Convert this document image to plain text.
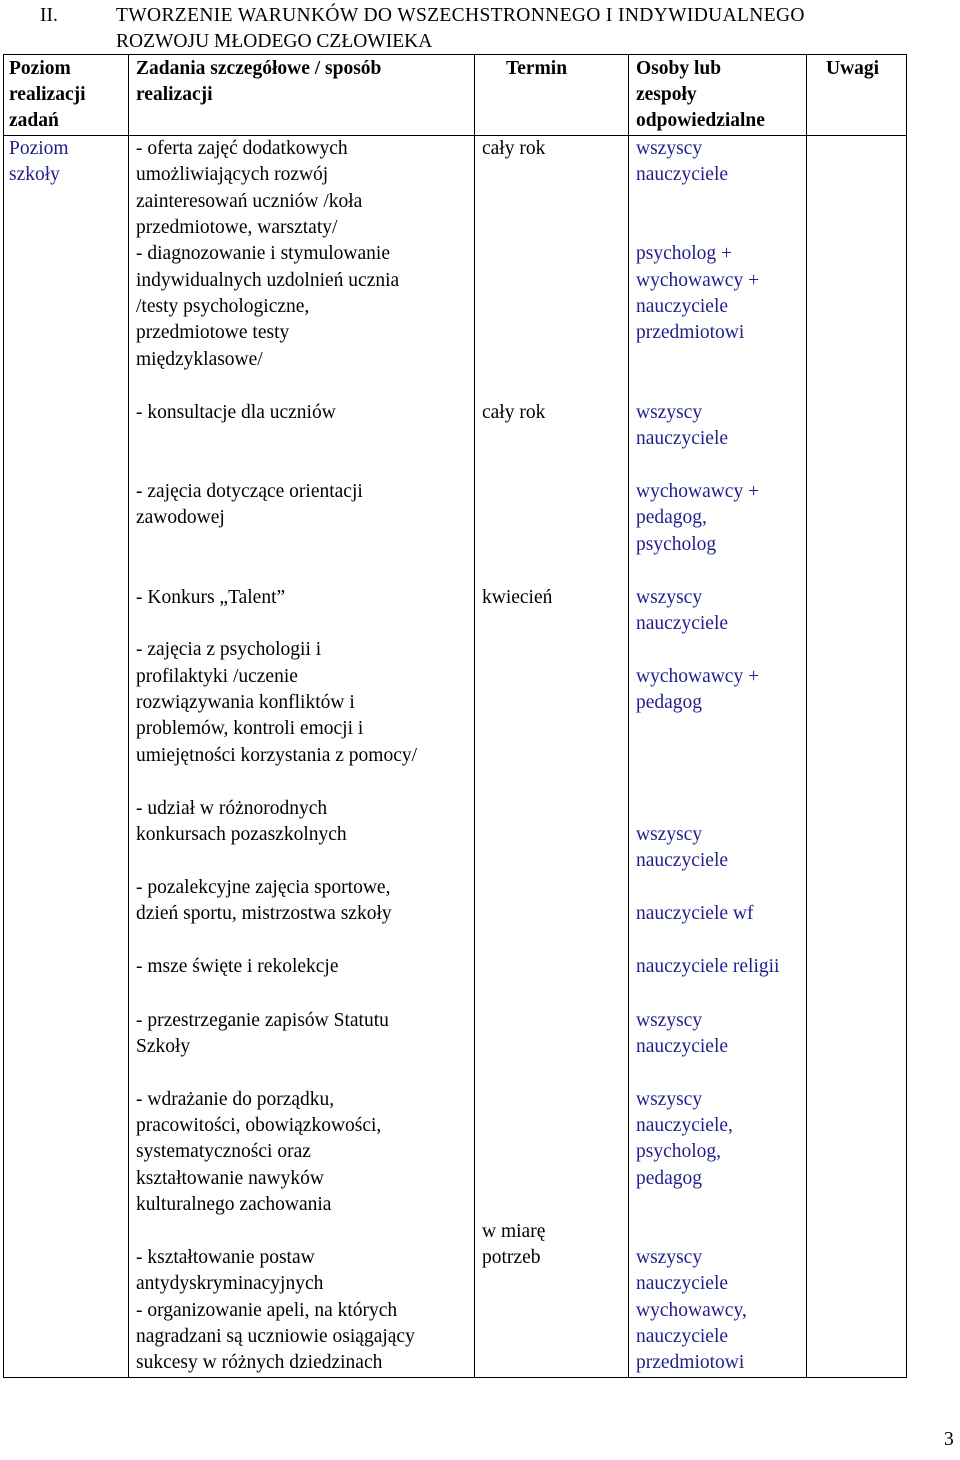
II.	TWORZENIE WARUNKÓW DO WSZECHSTRONNEGO I INDYWIDUALNEGO
ROZWOJU MŁODEGO CZŁOWIEKA
Poziom
realizacji
zadań
Zadania szczegółowe / sposób
realizacji
Termin	Osoby lub
zespoły
odpowiedzialne
Uwagi
Poziom
szkoły
- oferta zajęć dodatkowych
umożliwiających rozwój
zainteresowań uczniów /koła
przedmiotowe, warsztaty/
- diagnozowanie i stymulowanie
indywidualnych uzdolnień ucznia
/testy psychologiczne,
przedmiotowe testy
międzyklasowe/
- konsultacje dla uczniów
- zajęcia dotyczące orientacji
zawodowej
- Konkurs „Talent”
- zajęcia z psychologii i
profilaktyki /uczenie
rozwiązywania konfliktów i
problemów, kontroli emocji i
umiejętności korzystania z pomocy/
- udział w różnorodnych
konkursach pozaszkolnych
- pozalekcyjne zajęcia sportowe,
dzień sportu, mistrzostwa szkoły
- msze święte i rekolekcje
- przestrzeganie zapisów Statutu
Szkoły
- wdrażanie do porządku,
pracowitości, obowiązkowości,
systematyczności oraz
kształtowanie nawyków
kulturalnego zachowania
- kształtowanie postaw
antydyskryminacyjnych
- organizowanie apeli, na których
nagradzani są uczniowie osiągający
sukcesy w różnych dziedzinach
cały rok
cały rok
kwiecień
w miarę
potrzeb
wszyscy
nauczyciele
psycholog +
wychowawcy +
nauczyciele
przedmiotowi
wszyscy
nauczyciele
wychowawcy +
pedagog,
psycholog
wszyscy
nauczyciele
wychowawcy +
pedagog
wszyscy
nauczyciele
nauczyciele wf
nauczyciele religii
wszyscy
nauczyciele
wszyscy
nauczyciele,
psycholog,
pedagog
wszyscy
nauczyciele
wychowawcy,
nauczyciele
przedmiotowi
3
